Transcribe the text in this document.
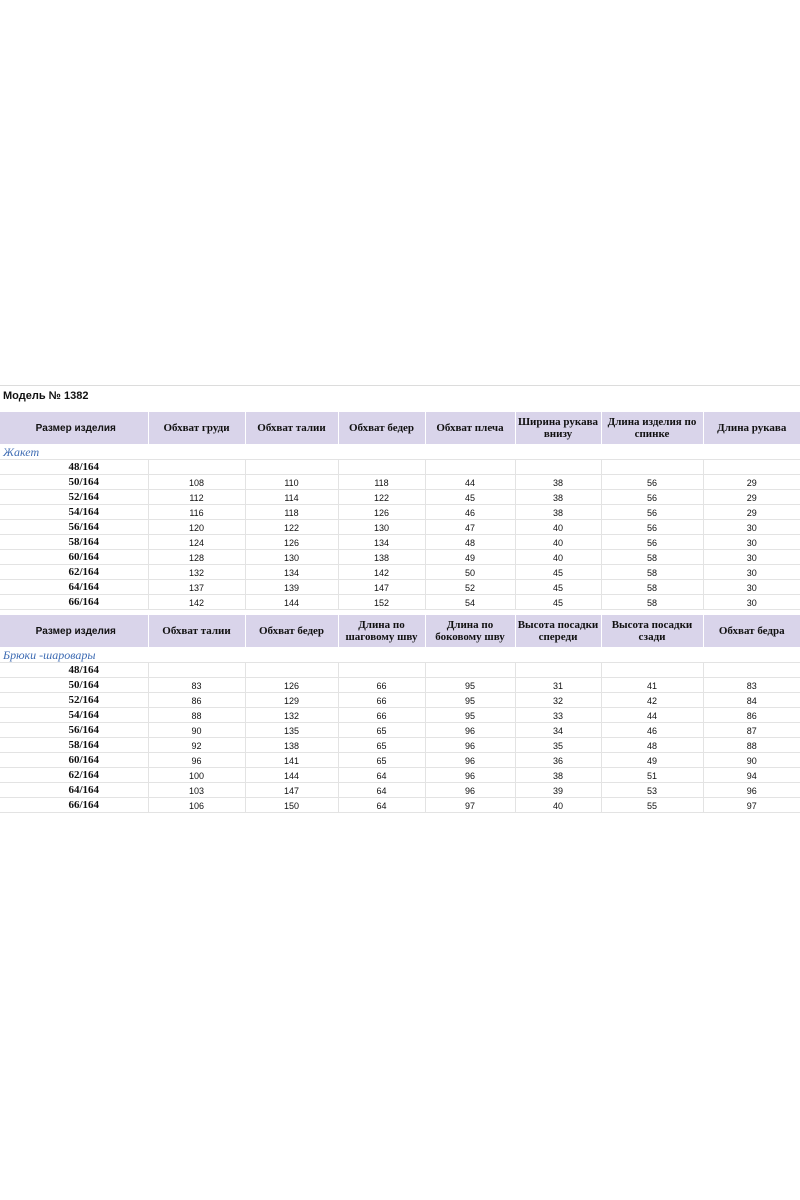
Модель № 1382
Размер изделия	Обхват груди	Обхват талии	Обхват бедер	Обхват плеча	Ширина рукава внизу	Длина изделия по спинке	Длина рукава
Жакет							
48/164							
50/164	108	110	118	44	38	56	29
52/164	112	114	122	45	38	56	29
54/164	116	118	126	46	38	56	29
56/164	120	122	130	47	40	56	30
58/164	124	126	134	48	40	56	30
60/164	128	130	138	49	40	58	30
62/164	132	134	142	50	45	58	30
64/164	137	139	147	52	45	58	30
66/164	142	144	152	54	45	58	30
Размер изделия	Обхват талии	Обхват бедер	Длина по шаговому шву	Длина по боковому шву	Высота посадки спереди	Высота посадки сзади	Обхват бедра
Брюки -шаровары							
48/164							
50/164	83	126	66	95	31	41	83
52/164	86	129	66	95	32	42	84
54/164	88	132	66	95	33	44	86
56/164	90	135	65	96	34	46	87
58/164	92	138	65	96	35	48	88
60/164	96	141	65	96	36	49	90
62/164	100	144	64	96	38	51	94
64/164	103	147	64	96	39	53	96
66/164	106	150	64	97	40	55	97
